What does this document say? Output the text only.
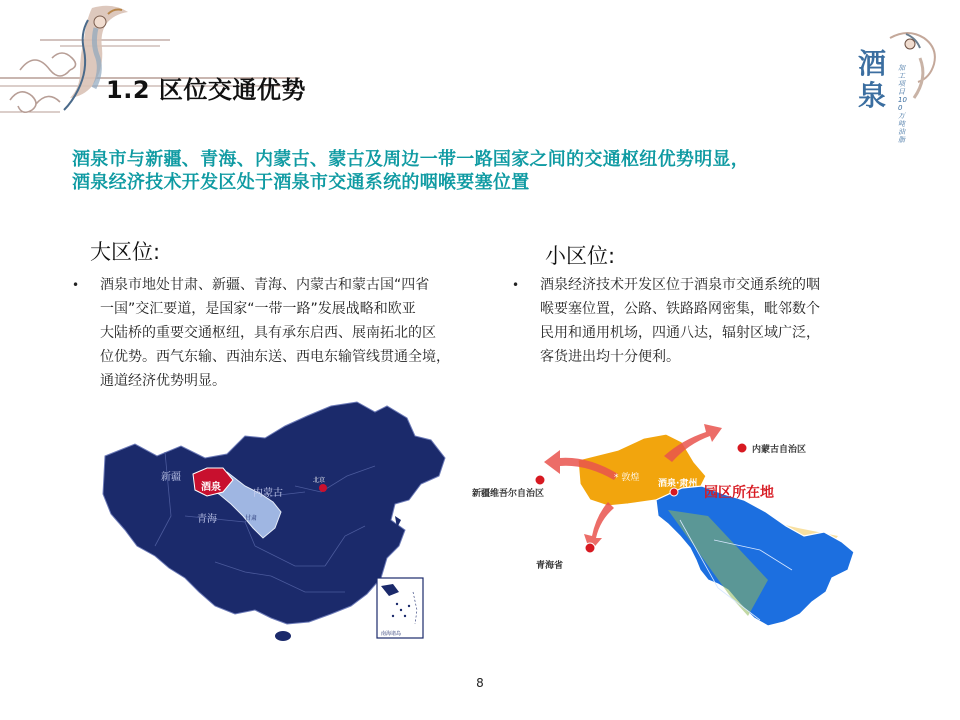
1.2 区位交通优势
酒
泉
加工项目 100万吨油脂
酒泉市与新疆、青海、内蒙古、蒙古及周边一带一路国家之间的交通枢纽优势明显，
酒泉经济技术开发区处于酒泉市交通系统的咽喉要塞位置
大区位:	小区位:
• 酒泉市地处甘肃、新疆、青海、内蒙古和蒙古国“四省
一国”交汇要道，是国家“一带一路”发展战略和欧亚
大陆桥的重要交通枢纽，具有承东启西、展南拓北的区
位优势。西气东输、西油东送、西电东输管线贯通全境，
通道经济优势明显。
• 酒泉经济技术开发区位于酒泉市交通系统的咽
喉要塞位置，公路、铁路路网密集，毗邻数个
民用和通用机场，四通八达，辐射区域广泛，
客货进出均十分便利。
新疆
酒泉
内蒙古
青海
北京
甘肃
南海诸岛
内蒙古自治区
新疆维吾尔自治区
青海省
* 敦煌
酒泉·肃州
园区所在地
8
